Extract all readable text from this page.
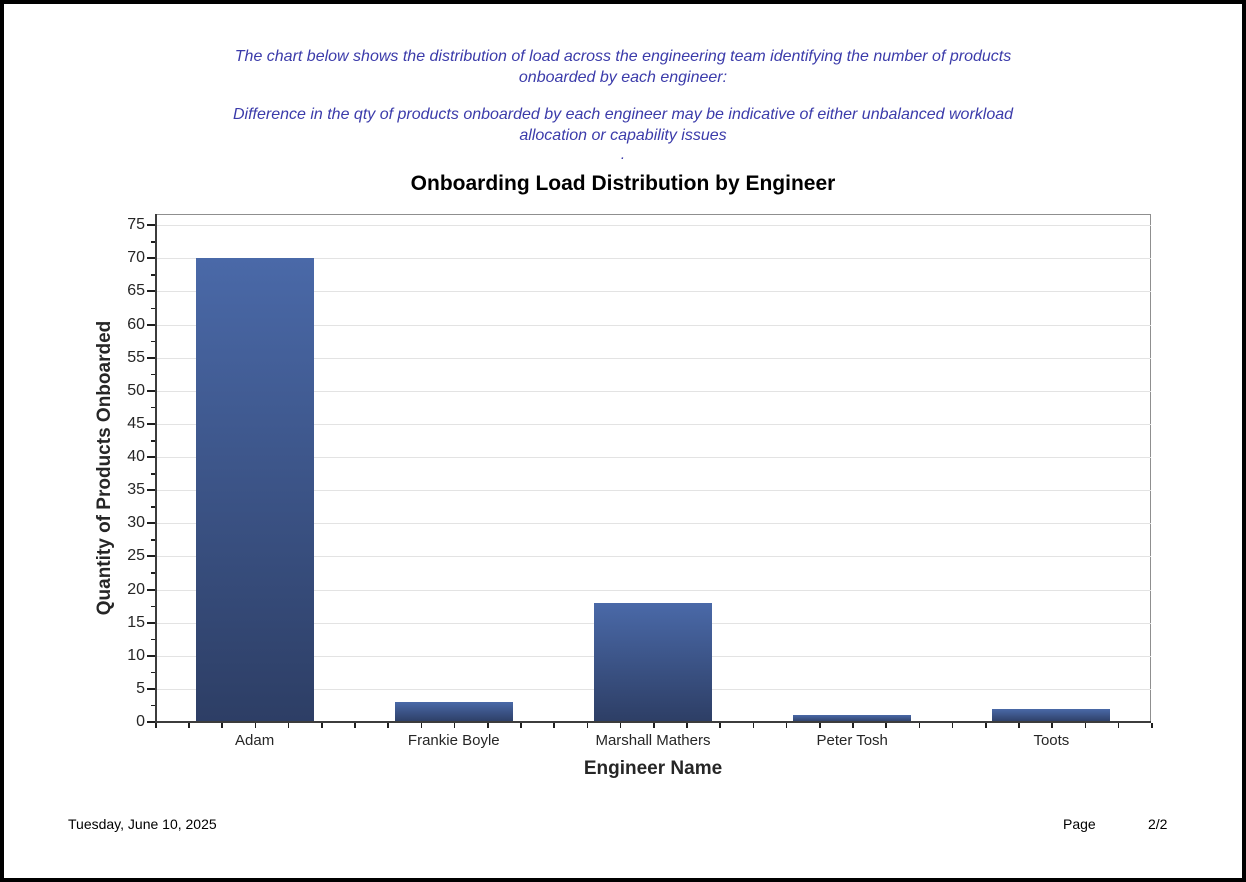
The chart below shows the distribution of load across the engineering team identifying the number of products
onboarded by each engineer:
Difference in the qty of products onboarded by each engineer may be indicative of either unbalanced workload
allocation or capability issues
.
Onboarding Load Distribution by Engineer
Quantity of Products Onboarded
Adam	Frankie Boyle	Marshall Mathers	Peter Tosh	Toots
0
5
10
15
20
25
30
35
40
45
50
55
60
65
70
75
Engineer Name
Tuesday, June 10, 2025	Page	2/2
